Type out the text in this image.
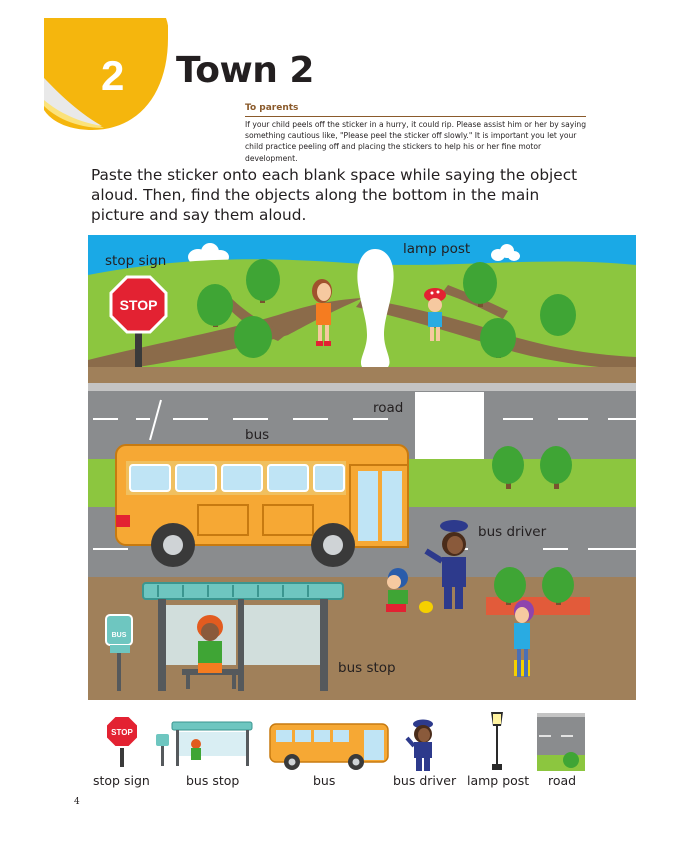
2 Town 2
To parents
If your child peels off the sticker in a hurry, it could rip. Please assist him or her by saying something cautious like, "Please peel the sticker off slowly." It is important you let your child practice peeling off and placing the stickers to help his or her fine motor development.
Paste the sticker onto each blank space while saying the object aloud. Then, find the objects along the bottom in the main picture and say them aloud.
STOP
BUS
stop sign
lamp post
road
bus
bus driver
bus stop
STOP
stop sign	bus stop	bus	bus driver lamp post road
4
